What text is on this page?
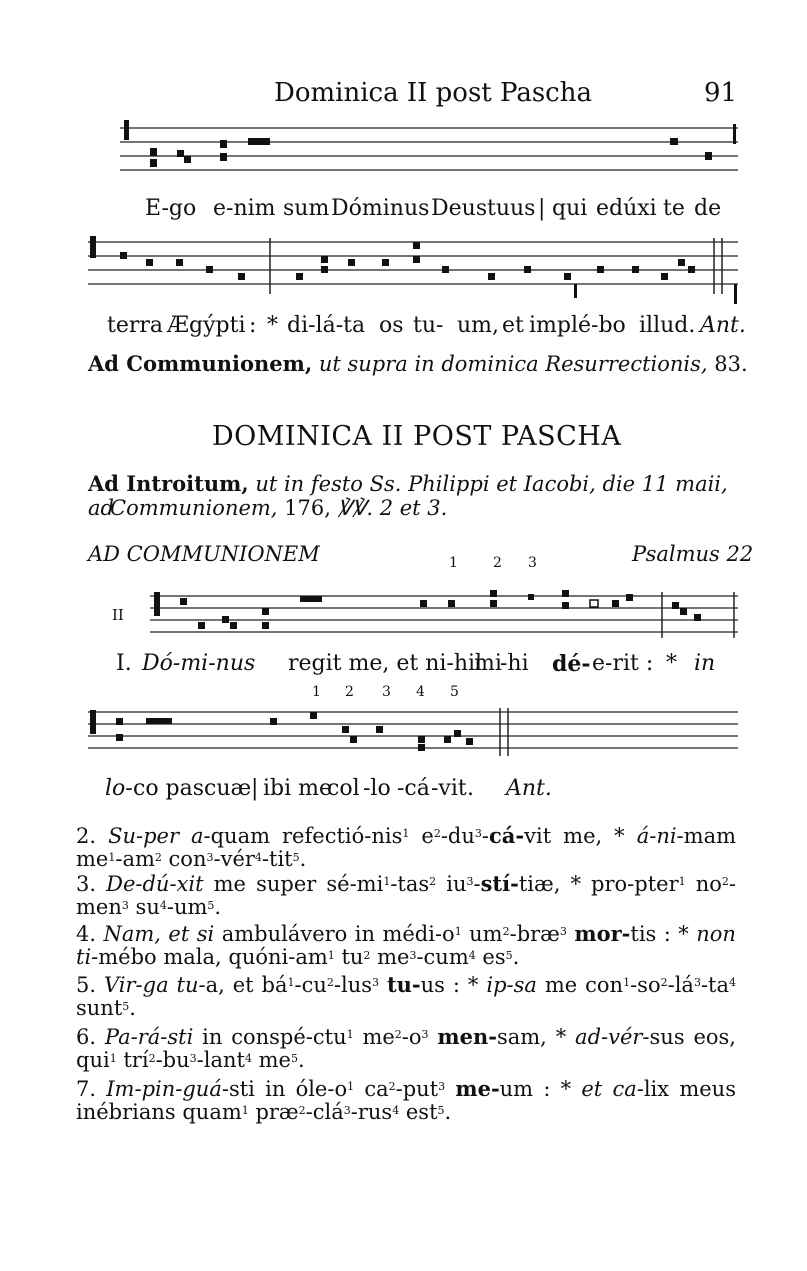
Dominica II post Pascha	91
E-go e-nim sum Dóminus Deus tuus | qui edúxi te de
terra Ægýpti : * di-lá-ta os tu- um, et implé-bo illud. Ant.
Ad Communionem, ut supra in dominica Resurrectionis, 83.
DOMINICA II POST PASCHA
Ad Introitum, ut in festo Ss. Philippi et Iacobi, die 11 maii, ad
Communionem, 176, ℣℣. 2 et 3.
AD COMMUNIONEM	Psalmus 22
1	2 3
II
I. Dó-mi-nus regit me, et ni-hil
mi
-hi dé- e-rit : * in
1 2 3 4 5
lo- co pascuæ | ibi me
col -lo -cá -vit . Ant.
2. Su-per a-quam refectió-nis$^1$ $e^2-du^3-cá$-vit me, * á-ni-mam $me^1-am^2$ con$^3$-vér$^4$-tit$^5$.
3. De-dú-xit me super $sé-mi^1-tas^2$ $iu^3-stí$-tiæ, * pro-pter$^1$ $no^2-men^3$ $su^4-um^5$.
4. Nam, et si ambulávero in médi-$o^1$ $um^2-bræ^3$ mor-tis : * non ti-mébo mala, quóni-$am^1$ $tu^2$ $me^3-cum^4$ $es^5$.
5. Vir-ga tu-a, et $bá^1-cu^2-lus^3$ tu-us : * ip-sa me $con^1-so^2-lá^3-ta^4$ sunt$^5$.
6. Pa-rá-sti in conspé-ctu$^1$ $me^2-o^3$ men-sam, * ad-vér-sus eos, qui$^1$ $trí^2-bu^3-lant^4$ $me^5$.
7. Im-pin-guá-sti in óle-$o^1$ $ca^2-put^3$ me-um : * et ca-lix meus inébrians quam$^1$ præ$^2$-clá$^3$-rus$^4$ est$^5$.
